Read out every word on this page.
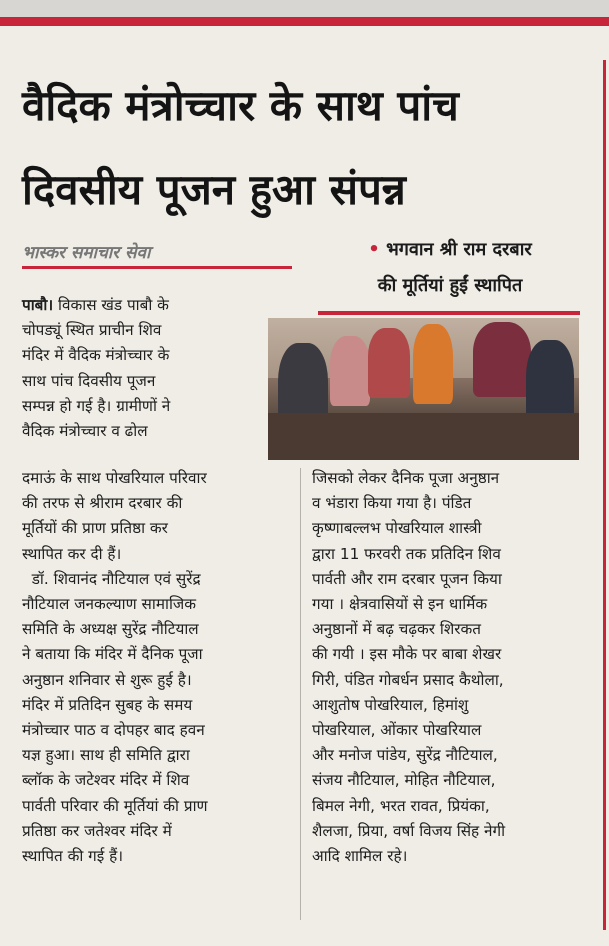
वैदिक मंत्रोच्चार के साथ पांच
दिवसीय पूजन हुआ संपन्न
भास्कर समाचार सेवा	• भगवान श्री राम दरबार
की मूर्तियां हुईं स्थापित

पाबौ। विकास खंड पाबौ के
चोपड्यूं स्थित प्राचीन शिव
मंदिर में वैदिक मंत्रोच्चार के
साथ पांच दिवसीय पूजन
सम्पन्न हो गई है। ग्रामीणों ने
वैदिक मंत्रोच्चार व ढोल

दमाऊं के साथ पोखरियाल परिवार
की तरफ से श्रीराम दरबार की
मूर्तियों की प्राण प्रतिष्ठा कर
स्थापित कर दी हैं।
डॉ. शिवानंद नौटियाल एवं सुरेंद्र
नौटियाल जनकल्याण सामाजिक
समिति के अध्यक्ष सुरेंद्र नौटियाल
ने बताया कि मंदिर में दैनिक पूजा
अनुष्ठान शनिवार से शुरू हुई है।
मंदिर में प्रतिदिन सुबह के समय
मंत्रोच्चार पाठ व दोपहर बाद हवन
यज्ञ हुआ। साथ ही समिति द्वारा
ब्लॉक के जटेश्वर मंदिर में शिव
पार्वती परिवार की मूर्तियां की प्राण
प्रतिष्ठा कर जतेश्वर मंदिर में
स्थापित की गई हैं।

जिसको लेकर दैनिक पूजा अनुष्ठान
व भंडारा किया गया है। पंडित
कृष्णाबल्लभ पोखरियाल शास्त्री
द्वारा 11 फरवरी तक प्रतिदिन शिव
पार्वती और राम दरबार पूजन किया
गया । क्षेत्रवासियों से इन धार्मिक
अनुष्ठानों में बढ़ चढ़कर शिरकत
की गयी । इस मौके पर बाबा शेखर
गिरी, पंडित गोबर्धन प्रसाद कैथोला,
आशुतोष पोखरियाल, हिमांशु
पोखरियाल, ओंकार पोखरियाल
और मनोज पांडेय, सुरेंद्र नौटियाल,
संजय नौटियाल, मोहित नौटियाल,
बिमल नेगी, भरत रावत, प्रियंका,
शैलजा, प्रिया, वर्षा विजय सिंह नेगी
आदि शामिल रहे।
